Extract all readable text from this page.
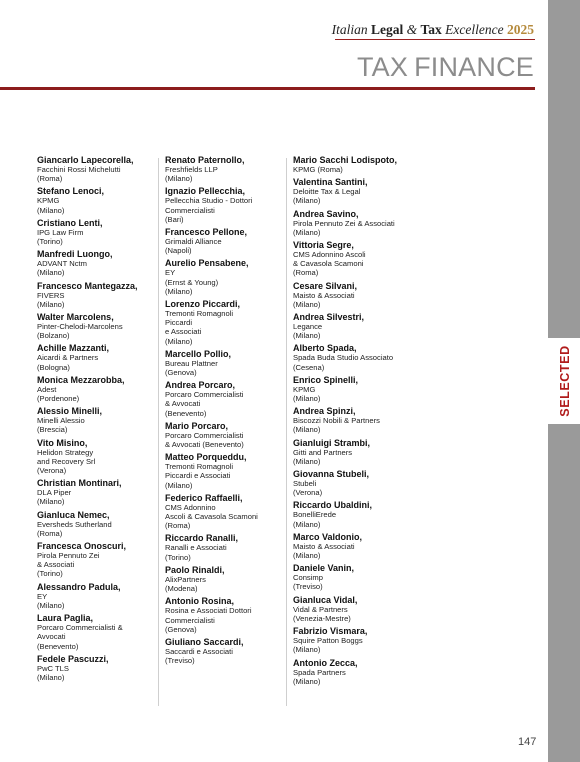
Italian Legal & Tax Excellence 2025
TAX FINANCE
SELECTED
Giancarlo Lapecorella,
Facchini Rossi Michelutti
(Roma)
Stefano Lenoci,
KPMG
(Milano)
Cristiano Lenti,
IPG Law Firm
(Torino)
Manfredi Luongo,
ADVANT Nctm
(Milano)
Francesco Mantegazza,
FIVERS
(Milano)
Walter Marcolens,
Pinter-Chelodi-Marcolens
(Bolzano)
Achille Mazzanti,
Aicardi & Partners
(Bologna)
Monica Mezzarobba,
Adest
(Pordenone)
Alessio Minelli,
Minelli Alessio
(Brescia)
Vito Misino,
Helidon Strategy
and Recovery Srl
(Verona)
Christian Montinari,
DLA Piper
(Milano)
Gianluca Nemec,
Eversheds Sutherland
(Roma)
Francesca Onoscuri,
Pirola Pennuto Zei
& Associati
(Torino)
Alessandro Padula,
EY
(Milano)
Laura Paglia,
Porcaro Commercialisti &
Avvocati
(Benevento)
Fedele Pascuzzi,
PwC TLS
(Milano)
Renato Paternollo,
Freshfields LLP
(Milano)
Ignazio Pellecchia,
Pellecchia Studio - Dottori
Commercialisti
(Bari)
Francesco Pellone,
Grimaldi Alliance
(Napoli)
Aurelio Pensabene,
EY
(Ernst & Young)
(Milano)
Lorenzo Piccardi,
Tremonti Romagnoli
Piccardi
e Associati
(Milano)
Marcello Pollio,
Bureau Plattner
(Genova)
Andrea Porcaro,
Porcaro Commercialisti
& Avvocati
(Benevento)
Mario Porcaro,
Porcaro Commercialisti
& Avvocati (Benevento)
Matteo Porqueddu,
Tremonti Romagnoli
Piccardi e Associati
(Milano)
Federico Raffaelli,
CMS Adonnino
Ascoli & Cavasola Scamoni
(Roma)
Riccardo Ranalli,
Ranalli e Associati
(Torino)
Paolo Rinaldi,
AlixPartners
(Modena)
Antonio Rosina,
Rosina e Associati Dottori
Commercialisti
(Genova)
Giuliano Saccardi,
Saccardi e Associati
(Treviso)
Mario Sacchi Lodispoto,
KPMG (Roma)
Valentina Santini,
Deloitte Tax & Legal
(Milano)
Andrea Savino,
Pirola Pennuto Zei & Associati
(Milano)
Vittoria Segre,
CMS Adonnino Ascoli
& Cavasola Scamoni
(Roma)
Cesare Silvani,
Maisto & Associati
(Milano)
Andrea Silvestri,
Legance
(Milano)
Alberto Spada,
Spada Buda Studio Associato
(Cesena)
Enrico Spinelli,
KPMG
(Milano)
Andrea Spinzi,
Biscozzi Nobili & Partners
(Milano)
Gianluigi Strambi,
Gitti and Partners
(Milano)
Giovanna Stubeli,
Stubeli
(Verona)
Riccardo Ubaldini,
BonelliErede
(Milano)
Marco Valdonio,
Maisto & Associati
(Milano)
Daniele Vanin,
Consimp
(Treviso)
Gianluca Vidal,
Vidal & Partners
(Venezia-Mestre)
Fabrizio Vismara,
Squire Patton Boggs
(Milano)
Antonio Zecca,
Spada Partners
(Milano)
147
